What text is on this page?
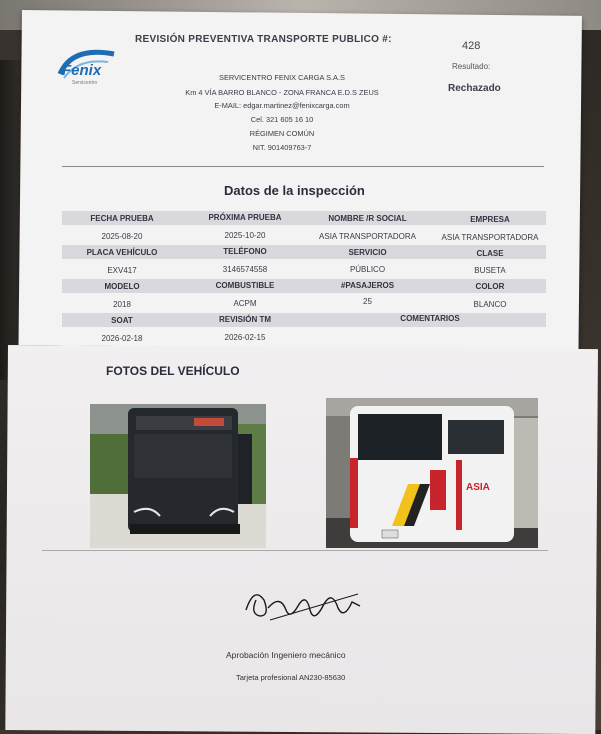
Fenix
Servicentro
REVISIÓN PREVENTIVA TRANSPORTE PUBLICO #:
428
Resultado:
Rechazado
SERVICENTRO FENIX CARGA S.A.S
Km 4 VÍA BARRO BLANCO - ZONA FRANCA E.D.S ZEUS
E-MAIL: edgar.martinez@fenixcarga.com
Cel. 321 605 16 10
RÉGIMEN COMÚN
NIT. 901409763-7
Datos de la inspección
FECHA PRUEBA	PRÓXIMA PRUEBA	NOMBRE /R SOCIAL	EMPRESA
2025-08-20	2025-10-20	ASIA TRANSPORTADORA	ASIA TRANSPORTADORA
PLACA VEHÍCULO	TELÉFONO	SERVICIO	CLASE
EXV417	3146574558	PÚBLICO	BUSETA
MODELO	COMBUSTIBLE	#PASAJEROS	COLOR
2018	ACPM	25	BLANCO
SOAT	REVISIÓN TM	COMENTARIOS
2026-02-18	2026-02-15
FOTOS DEL VEHÍCULO
ASIA
Aprobación Ingeniero mecánico
Tarjeta profesional AN230-85630
